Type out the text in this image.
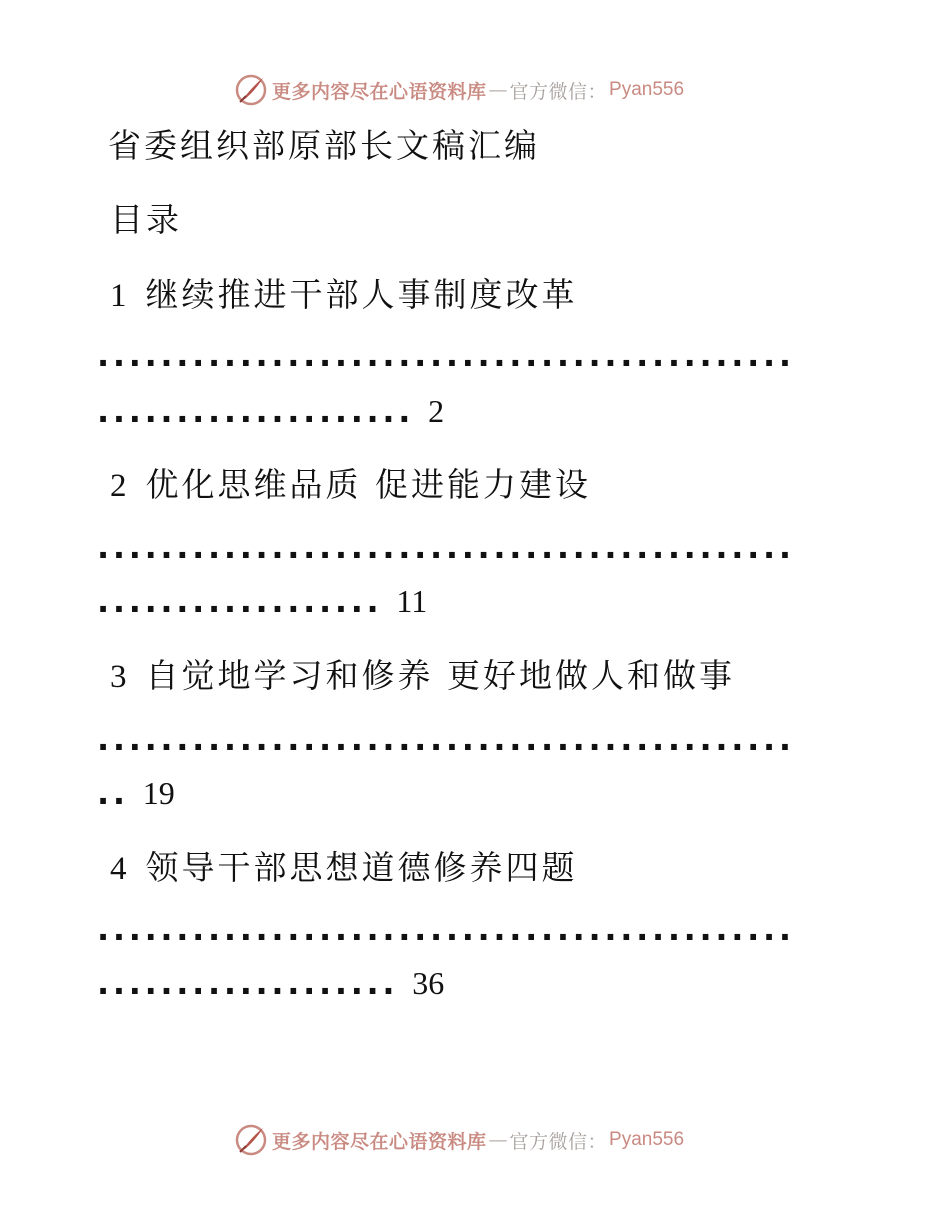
更多内容尽在心语资料库 — 官方微信： Pyan556
省委组织部原部长文稿汇编
目录
1 继续推进干部人事制度改革
............................................
.................... 2
2 优化思维品质 促进能力建设
............................................
.................. 11
3 自觉地学习和修养 更好地做人和做事
............................................
.. 19
4 领导干部思想道德修养四题
............................................
................... 36
更多内容尽在心语资料库 — 官方微信： Pyan556
